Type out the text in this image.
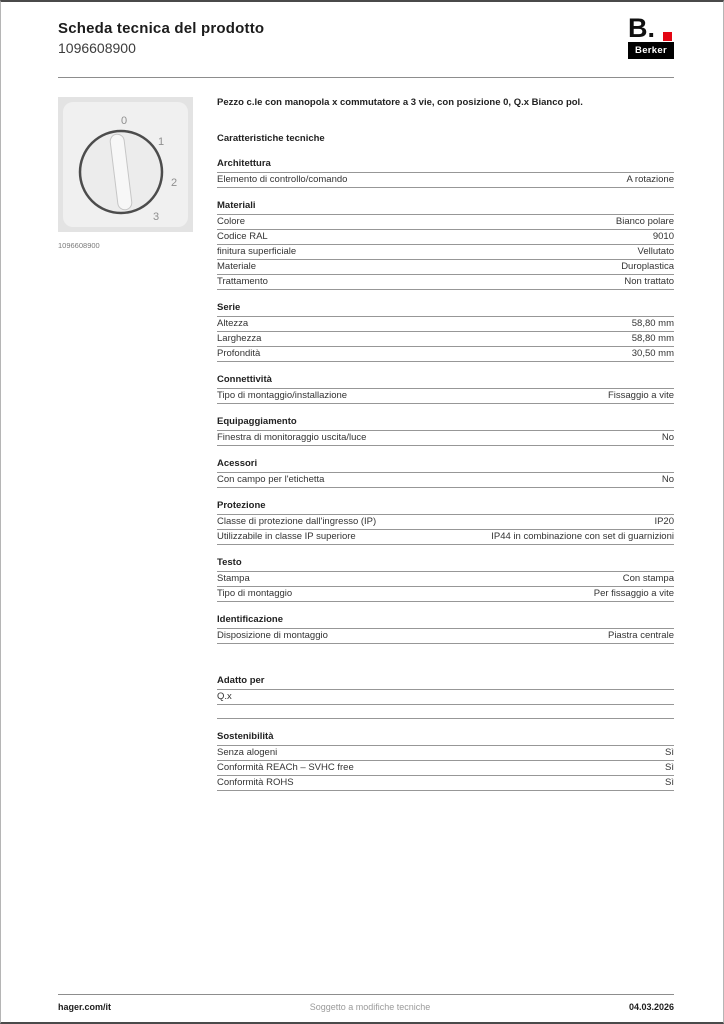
Scheda tecnica del prodotto
1096608900
B.
Berker
0
1
2
3
1096608900
Pezzo c.le con manopola x commutatore a 3 vie, con posizione 0, Q.x Bianco pol.
Caratteristiche tecniche
Architettura
Elemento di controllo/comando	A rotazione
Materiali
Colore	Bianco polare
Codice RAL	9010
finitura superficiale	Vellutato
Materiale	Duroplastica
Trattamento	Non trattato
Serie
Altezza	58,80 mm
Larghezza	58,80 mm
Profondità	30,50 mm
Connettività
Tipo di montaggio/installazione	Fissaggio a vite
Equipaggiamento
Finestra di monitoraggio uscita/luce	No
Acessori
Con campo per l'etichetta	No
Protezione
Classe di protezione dall'ingresso (IP)	IP20
Utilizzabile in classe IP superiore	IP44 in combinazione con set di guarnizioni
Testo
Stampa	Con stampa
Tipo di montaggio	Per fissaggio a vite
Identificazione
Disposizione di montaggio	Piastra centrale
Adatto per
Q.x
Sostenibilità
Senza alogeni	Sì
Conformità REACh – SVHC free	Sì
Conformità ROHS	Sì
hager.com/it	Soggetto a modifiche tecniche	04.03.2026
